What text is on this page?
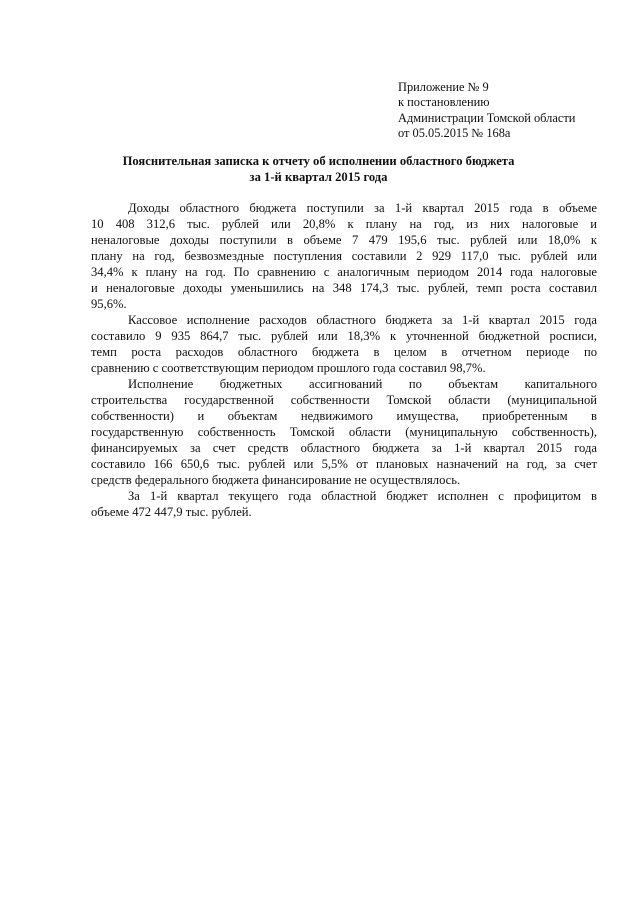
Приложение № 9
к постановлению
Администрации Томской области
от 05.05.2015 № 168а
Пояснительная записка к отчету об исполнении областного бюджета
за 1-й квартал 2015 года
Доходы областного бюджета поступили за 1-й квартал 2015 года в объеме
10 408 312,6 тыс. рублей или 20,8% к плану на год, из них налоговые и
неналоговые доходы поступили в объеме 7 479 195,6 тыс. рублей или 18,0% к
плану на год, безвозмездные поступления составили 2 929 117,0 тыс. рублей или
34,4% к плану на год. По сравнению с аналогичным периодом 2014 года налоговые
и неналоговые доходы уменьшились на 348 174,3 тыс. рублей, темп роста составил
95,6%.
Кассовое исполнение расходов областного бюджета за 1-й квартал 2015 года
составило 9 935 864,7 тыс. рублей или 18,3% к уточненной бюджетной росписи,
темп роста расходов областного бюджета в целом в отчетном периоде по
сравнению с соответствующим периодом прошлого года составил 98,7%.
Исполнение бюджетных ассигнований по объектам капитального
строительства государственной собственности Томской области (муниципальной
собственности) и объектам недвижимого имущества, приобретенным в
государственную собственность Томской области (муниципальную собственность),
финансируемых за счет средств областного бюджета за 1-й квартал 2015 года
составило 166 650,6 тыс. рублей или 5,5% от плановых назначений на год, за счет
средств федерального бюджета финансирование не осуществлялось.
За 1-й квартал текущего года областной бюджет исполнен с профицитом в
объеме 472 447,9 тыс. рублей.
